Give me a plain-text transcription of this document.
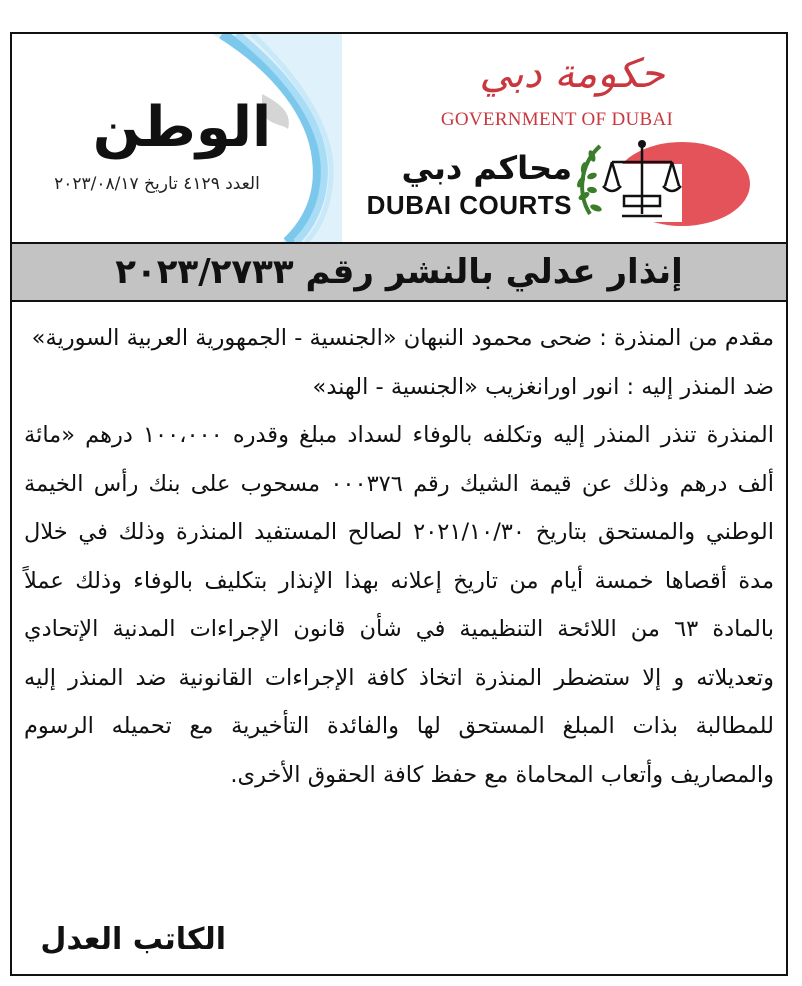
الوطن
العدد ٤١٢٩ تاريخ ٢٠٢٣/٠٨/١٧
حكومة دبي
GOVERNMENT OF DUBAI
محاكم دبي
DUBAI COURTS
إنذار عدلي بالنشر رقم ٢٠٢٣/٢٧٣٣

مقدم من المنذرة : ضحى محمود النبهان «الجنسية - الجمهورية العربية السورية»

ضد المنذر إليه : انور اورانغزيب «الجنسية - الهند»

المنذرة تنذر المنذر إليه وتكلفه بالوفاء لسداد مبلغ وقدره ١٠٠،٠٠٠ درهم «مائة ألف درهم وذلك عن قيمة الشيك رقم ٠٠٠٣٧٦ مسحوب على بنك رأس الخيمة الوطني والمستحق بتاريخ ٢٠٢١/١٠/٣٠ لصالح المستفيد المنذرة وذلك في خلال مدة أقصاها خمسة أيام من تاريخ إعلانه بهذا الإنذار بتكليف بالوفاء وذلك عملاً بالمادة ٦٣ من اللائحة التنظيمية في شأن قانون الإجراءات المدنية الإتحادي وتعديلاته و إلا ستضطر المنذرة اتخاذ كافة الإجراءات القانونية ضد المنذر إليه للمطالبة بذات المبلغ المستحق لها والفائدة التأخيرية مع تحميله الرسوم والمصاريف وأتعاب المحاماة مع حفظ كافة الحقوق الأخرى.

الكاتب العدل
